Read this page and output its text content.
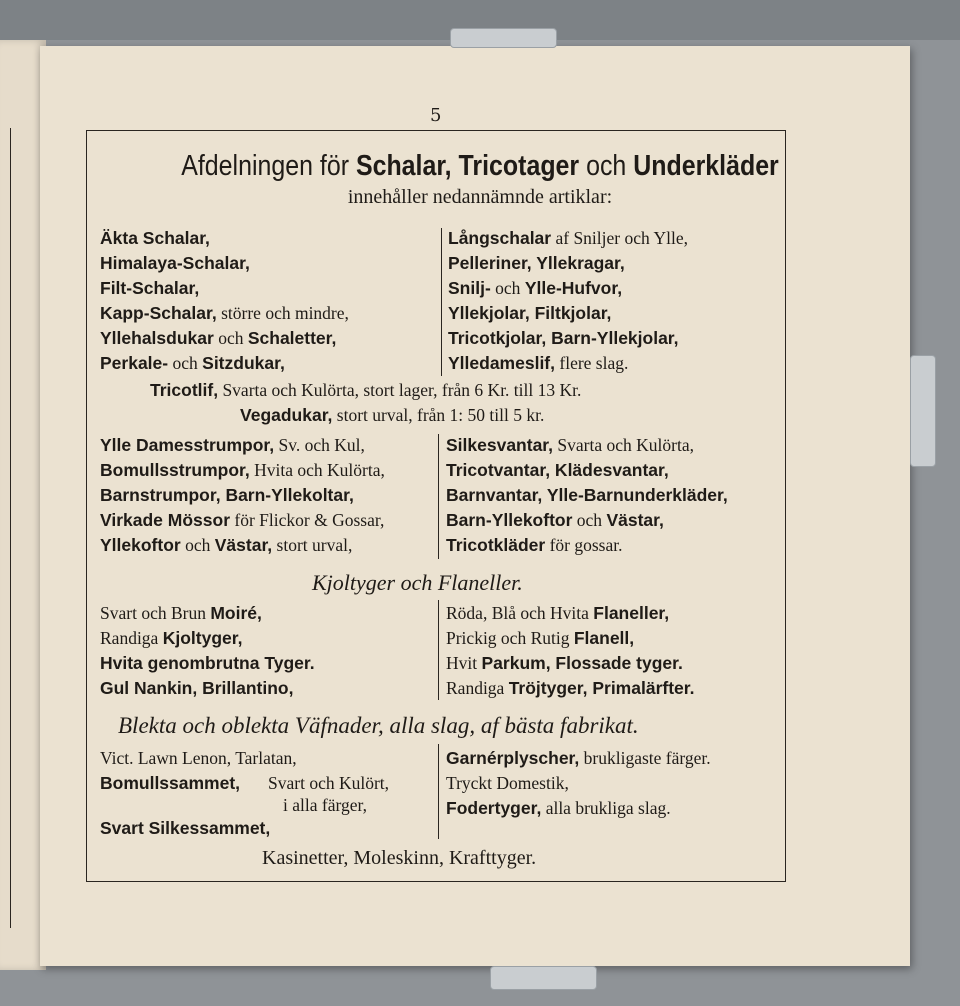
5
Afdelningen för Schalar, Tricotager och Underkläder
innehåller nedannämnde artiklar:
Äkta Schalar,
Himalaya-Schalar,
Filt-Schalar,
Kapp-Schalar, större och mindre,
Yllehalsdukar och Schaletter,
Perkale- och Sitzdukar,
Långschalar af Sniljer och Ylle,
Pelleriner, Yllekragar,
Snilj- och Ylle-Hufvor,
Yllekjolar, Filtkjolar,
Tricotkjolar, Barn-Yllekjolar,
Ylledameslif, flere slag.
Tricotlif, Svarta och Kulörta, stort lager, från 6 Kr. till 13 Kr.
Vegadukar, stort urval, från 1: 50 till 5 kr.
Ylle Damesstrumpor, Sv. och Kul,
Bomullsstrumpor, Hvita och Kulörta,
Barnstrumpor, Barn-Yllekoltar,
Virkade Mössor för Flickor & Gossar,
Yllekoftor och Västar, stort urval,
Silkesvantar, Svarta och Kulörta,
Tricotvantar, Klädesvantar,
Barnvantar, Ylle-Barnunderkläder,
Barn-Yllekoftor och Västar,
Tricotkläder för gossar.
Kjoltyger och Flaneller.
Svart och Brun Moiré,
Randiga Kjoltyger,
Hvita genombrutna Tyger.
Gul Nankin, Brillantino,
Röda, Blå och Hvita Flaneller,
Prickig och Rutig Flanell,
Hvit Parkum, Flossade tyger.
Randiga Tröjtyger, Primalärfter.
Blekta och oblekta Väfnader, alla slag, af bästa fabrikat.
Vict. Lawn Lenon, Tarlatan,
Bomullssammet, Svart och Kulört,
i alla färger,
Svart Silkessammet,
Garnérplyscher, brukligaste färger.
Tryckt Domestik,
Fodertyger, alla brukliga slag.
Kasinetter, Moleskinn, Krafttyger.
